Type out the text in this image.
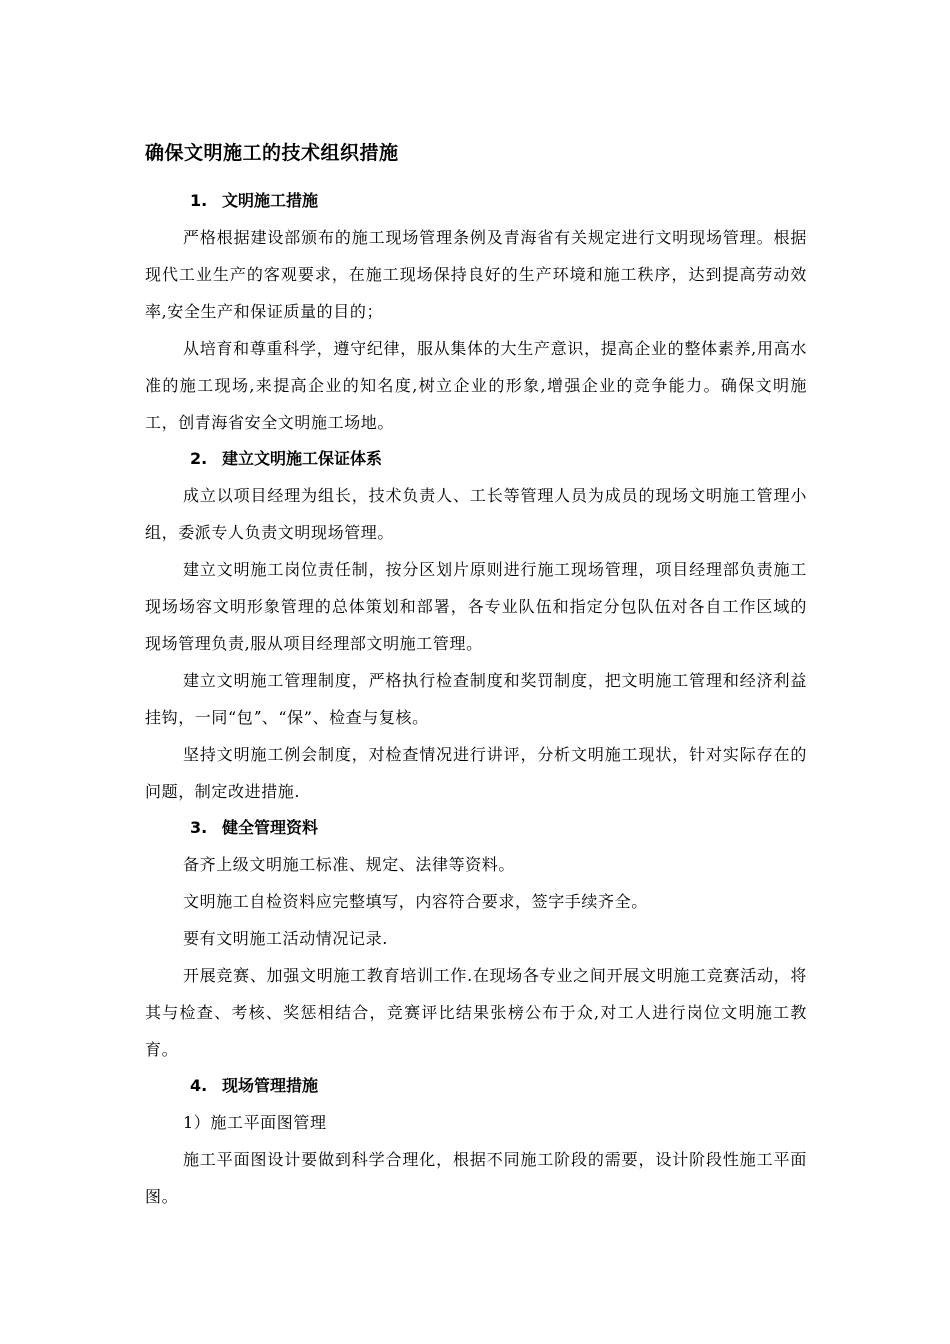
确保文明施工的技术组织措施
1. 文明施工措施

严格根据建设部颁布的施工现场管理条例及青海省有关规定进行文明现场管理。根据现代工业生产的客观要求，在施工现场保持良好的生产环境和施工秩序，达到提高劳动效率,安全生产和保证质量的目的；

从培育和尊重科学，遵守纪律，服从集体的大生产意识，提高企业的整体素养,用高水准的施工现场,来提高企业的知名度,树立企业的形象,增强企业的竞争能力。确保文明施工，创青海省安全文明施工场地。

2. 建立文明施工保证体系

成立以项目经理为组长，技术负责人、工长等管理人员为成员的现场文明施工管理小组，委派专人负责文明现场管理。

建立文明施工岗位责任制，按分区划片原则进行施工现场管理，项目经理部负责施工现场场容文明形象管理的总体策划和部署，各专业队伍和指定分包队伍对各自工作区域的现场管理负责,服从项目经理部文明施工管理。

建立文明施工管理制度，严格执行检查制度和奖罚制度，把文明施工管理和经济利益挂钩，一同“包ˮ、“保”、检查与复核。

坚持文明施工例会制度，对检查情况进行讲评，分析文明施工现状，针对实际存在的问题，制定改进措施.

3. 健全管理资料

备齐上级文明施工标准、规定、法律等资料。

文明施工自检资料应完整填写，内容符合要求，签字手续齐全。

要有文明施工活动情况记录.

开展竞赛、加强文明施工教育培训工作.在现场各专业之间开展文明施工竞赛活动，将其与检查、考核、奖惩相结合，竞赛评比结果张榜公布于众,对工人进行岗位文明施工教育。

4. 现场管理措施

1）施工平面图管理

施工平面图设计要做到科学合理化，根据不同施工阶段的需要，设计阶段性施工平面图。
